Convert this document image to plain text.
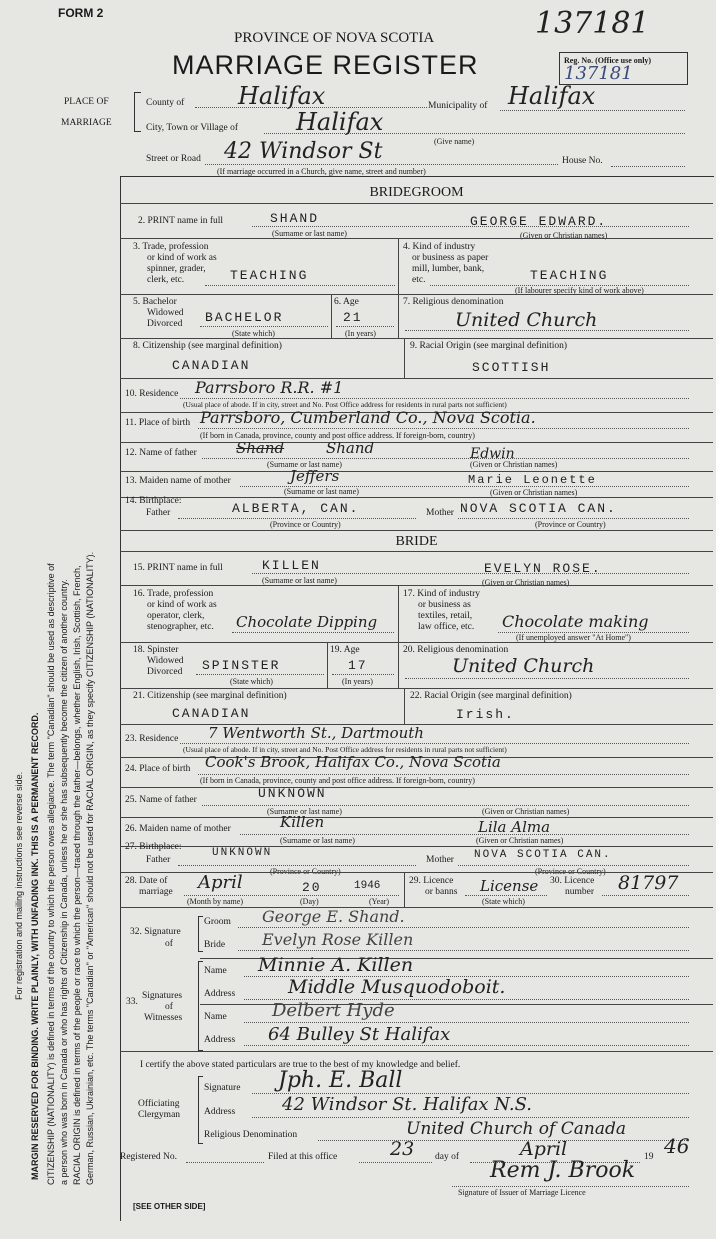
For registration and mailing instructions see reverse side. MARGIN RESERVED FOR BINDING. WRITE PLAINLY, WITH UNFADING INK. THIS IS A PERMANENT RECORD. CITIZENSHIP (NATIONALITY) is defined in terms of the country to which the person owes allegiance. The term "Canadian" should be used as descriptive of a person who was born in Canada or who has rights of Citizenship in Canada, unless he or she has subsequently become the citizen of another country. RACIAL ORIGIN is defined in terms of the people or race to which the person—traced through the father—belongs, whether English, Irish, Scottish, French, German, Russian, Ukrainian, etc. The terms "Canadian" or "American" should not be used for RACIAL ORIGIN, as they specify CITIZENSHIP (NATIONALITY).
FORM 2	137181
PROVINCE OF NOVA SCOTIA
MARRIAGE REGISTER	Reg. No. (Office use only)
137181
PLACE OF
MARRIAGE
County of Halifax	Municipality of Halifax
City, Town or Village of Halifax
(Give name)
Street or Road 42 Windsor St	House No.
(If marriage occurred in a Church, give name, street and number)
BRIDEGROOM
2. PRINT name in full	SHAND	GEORGE EDWARD.
(Surname or last name)	(Given or Christian names)
3. Trade, profession
or kind of work as
spinner, grader,
clerk, etc.	TEACHING
4. Kind of industry
or business as paper
mill, lumber, bank,
etc.	TEACHING
(If labourer specify kind of work above)
5. Bachelor
Widowed
Divorced BACHELOR
(State which)
6. Age
21
(In years)
7. Religious denomination
United Church
8. Citizenship (see marginal definition)
CANADIAN
9. Racial Origin (see marginal definition)
SCOTTISH
10. Residence Parrsboro R.R. #1
(Usual place of abode. If in city, street and No. Post Office address for residents in rural parts not sufficient)
11. Place of birth Parrsboro, Cumberland Co., Nova Scotia.
(If born in Canada, province, county and post office address. If foreign-born, country)
12. Name of father	Shand	Shand	Edwin
(Surname or last name)	(Given or Christian names)
13. Maiden name of mother	Jeffers	Marie Leonette
(Surname or last name)	(Given or Christian names)
14. Birthplace:
Father	ALBERTA, CAN.
(Province or Country)
Mother NOVA SCOTIA CAN.
(Province or Country)
BRIDE
15. PRINT name in full	KILLEN	EVELYN ROSE.
(Surname or last name)	(Given or Christian names)
16. Trade, profession
or kind of work as
operator, clerk,
stenographer, etc. Chocolate Dipping
17. Kind of industry
or business as
textiles, retail,
law office, etc. Chocolate making
(If unemployed answer "At Home")
18. Spinster
Widowed
Divorced SPINSTER
(State which)
19. Age
17
(In years)
20. Religious denomination
United Church
21. Citizenship (see marginal definition)
CANADIAN
22. Racial Origin (see marginal definition)
Irish.
23. Residence 7 Wentworth St., Dartmouth
(Usual place of abode. If in city, street and No. Post Office address for residents in rural parts not sufficient)
24. Place of birth Cook's Brook, Halifax Co., Nova Scotia
(If born in Canada, province, county and post office address. If foreign-born, country)
25. Name of father	UNKNOWN
(Surname or last name)	(Given or Christian names)
26. Maiden name of mother	Killen	Lila Alma
(Surname or last name)	(Given or Christian names)
27. Birthplace:
Father
UNKNOWN
(Province or Country)
Mother NOVA SCOTIA CAN.
(Province or Country)
28. Date of
marriage April	20	1946
(Month by name)	(Day)	(Year)
29. Licence
or banns License
(State which)
30. Licence
number 81797
32. Signature
of
Groom George E. Shand.
Bride Evelyn Rose Killen
33.
Signatures
of
Witnesses
Name Minnie A. Killen
Address	Middle Musquodoboit.
Name	Delbert Hyde
Address 64 Bulley St Halifax
I certify the above stated particulars are true to the best of my knowledge and belief.
Officiating
Clergyman
Signature Jph. E. Ball
Address	42 Windsor St. Halifax N.S.
Religious Denomination	United Church of Canada
Registered No.	Filed at this office	23 day of	April	19 46
Rem J. Brook
Signature of Issuer of Marriage Licence
[SEE OTHER SIDE]
